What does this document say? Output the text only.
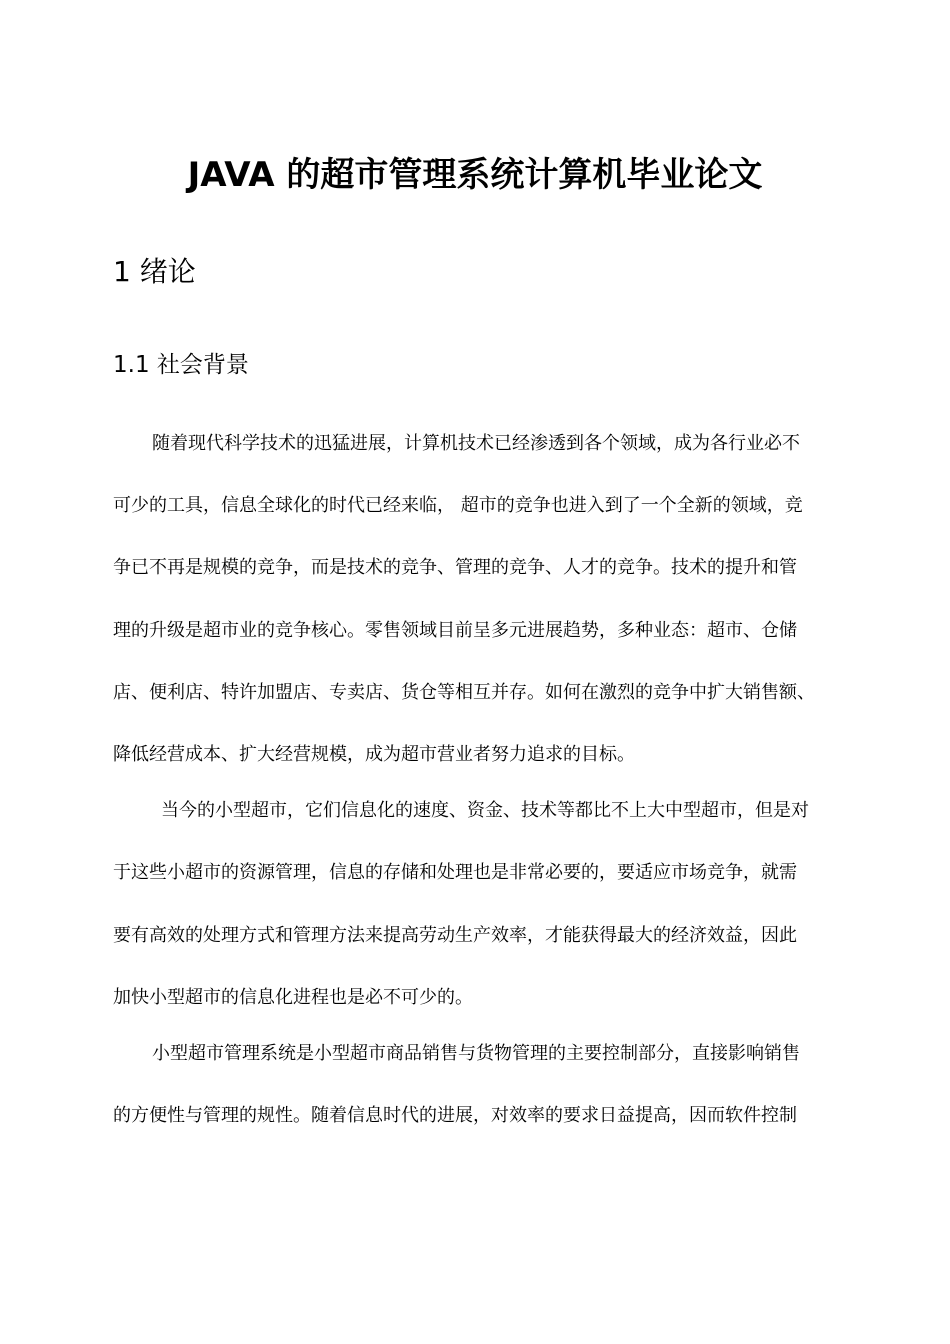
JAVA 的超市管理系统计算机毕业论文
1 绪论
1.1 社会背景

随着现代科学技术的迅猛进展，计算机技术已经渗透到各个领域，成为各行业必不

可少的工具，信息全球化的时代已经来临， 超市的竞争也进入到了一个全新的领域，竞

争已不再是规模的竞争，而是技术的竞争、管理的竞争、人才的竞争。技术的提升和管

理的升级是超市业的竞争核心。零售领域目前呈多元进展趋势，多种业态：超市、仓储

店、便利店、特许加盟店、专卖店、货仓等相互并存。如何在激烈的竞争中扩大销售额、

降低经营成本、扩大经营规模，成为超市营业者努力追求的目标。

当今的小型超市，它们信息化的速度、资金、技术等都比不上大中型超市，但是对

于这些小超市的资源管理，信息的存储和处理也是非常必要的，要适应市场竞争，就需

要有高效的处理方式和管理方法来提高劳动生产效率，才能获得最大的经济效益，因此

加快小型超市的信息化进程也是必不可少的。

小型超市管理系统是小型超市商品销售与货物管理的主要控制部分，直接影响销售

的方便性与管理的规性。随着信息时代的进展，对效率的要求日益提高，因而软件控制
